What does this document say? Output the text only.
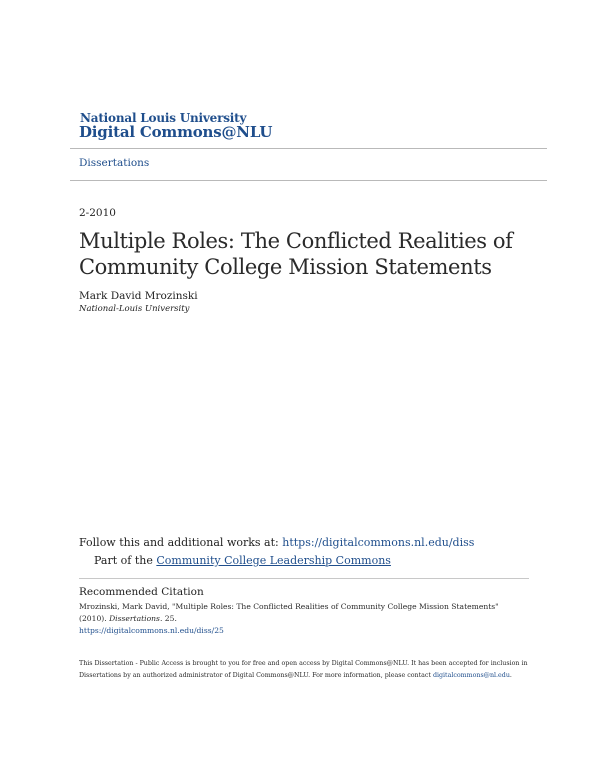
National Louis University
Digital Commons@NLU
Dissertations
2-2010
Multiple Roles: The Conflicted Realities of Community College Mission Statements
Mark David Mrozinski
National-Louis University
Follow this and additional works at: https://digitalcommons.nl.edu/diss
Part of the Community College Leadership Commons
Recommended Citation
Mrozinski, Mark David, "Multiple Roles: The Conflicted Realities of Community College Mission Statements" (2010). Dissertations. 25.
https://digitalcommons.nl.edu/diss/25
This Dissertation - Public Access is brought to you for free and open access by Digital Commons@NLU. It has been accepted for inclusion in Dissertations by an authorized administrator of Digital Commons@NLU. For more information, please contact digitalcommons@nl.edu.
